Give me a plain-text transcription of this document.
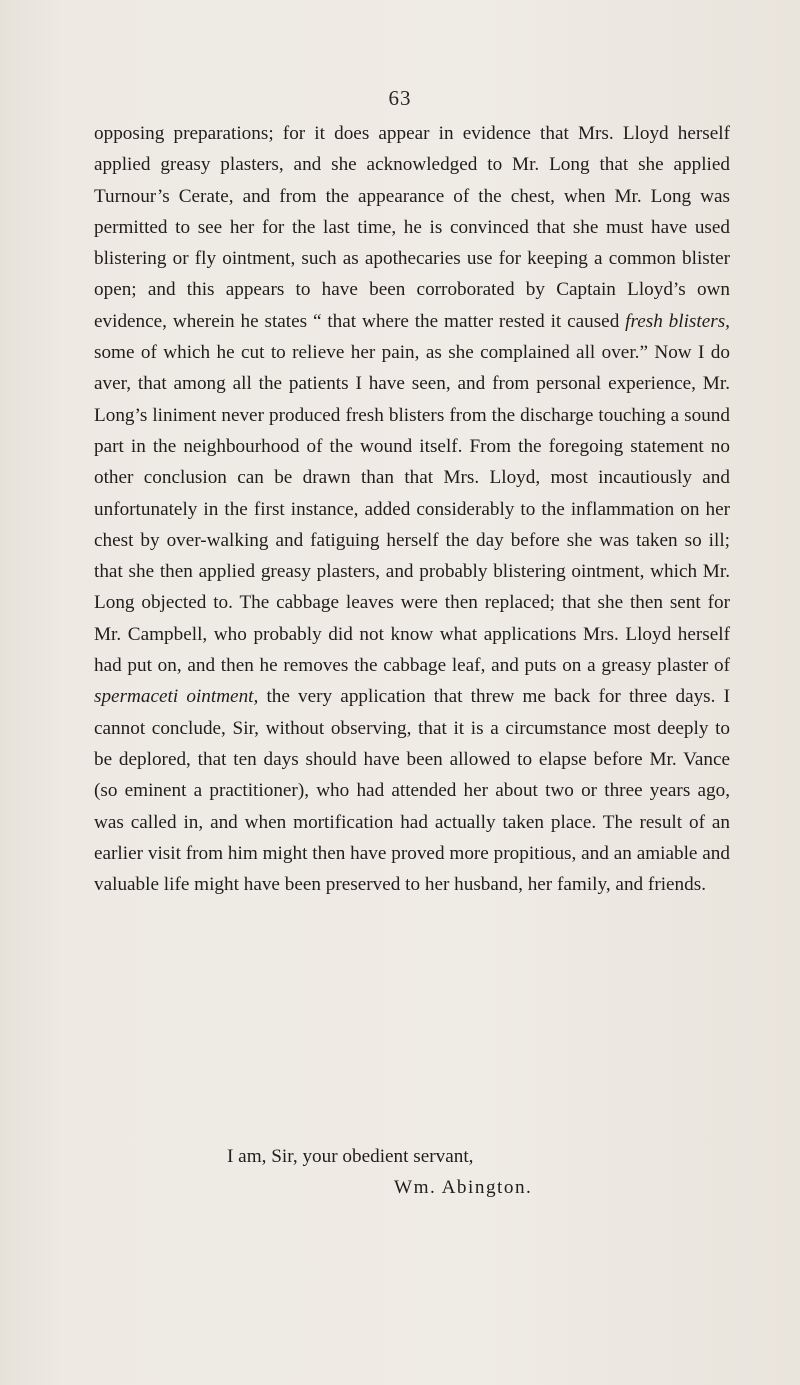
63

opposing preparations; for it does appear in evidence that Mrs. Lloyd herself applied greasy plasters, and she acknowledged to Mr. Long that she applied Turnour’s Cerate, and from the appearance of the chest, when Mr. Long was permitted to see her for the last time, he is convinced that she must have used blistering or fly ointment, such as apothecaries use for keeping a common blister open; and this appears to have been corroborated by Captain Lloyd’s own evidence, wherein he states “ that where the matter rested it caused fresh blisters, some of which he cut to relieve her pain, as she complained all over.” Now I do aver, that among all the patients I have seen, and from personal experience, Mr. Long’s liniment never produced fresh blisters from the discharge touching a sound part in the neighbourhood of the wound itself. From the foregoing statement no other conclusion can be drawn than that Mrs. Lloyd, most incautiously and unfortunately in the first instance, added considerably to the inflammation on her chest by over-walking and fatiguing herself the day before she was taken so ill; that she then applied greasy plasters, and probably blistering ointment, which Mr. Long objected to. The cabbage leaves were then replaced; that she then sent for Mr. Campbell, who probably did not know what applications Mrs. Lloyd herself had put on, and then he removes the cabbage leaf, and puts on a greasy plaster of spermaceti ointment, the very application that threw me back for three days. I cannot conclude, Sir, without observing, that it is a circumstance most deeply to be deplored, that ten days should have been allowed to elapse before Mr. Vance (so eminent a practitioner), who had attended her about two or three years ago, was called in, and when mortification had actually taken place. The result of an earlier visit from him might then have proved more propitious, and an amiable and valuable life might have been preserved to her husband, her family, and friends.

I am, Sir, your obedient servant,
Wm. Abington.
